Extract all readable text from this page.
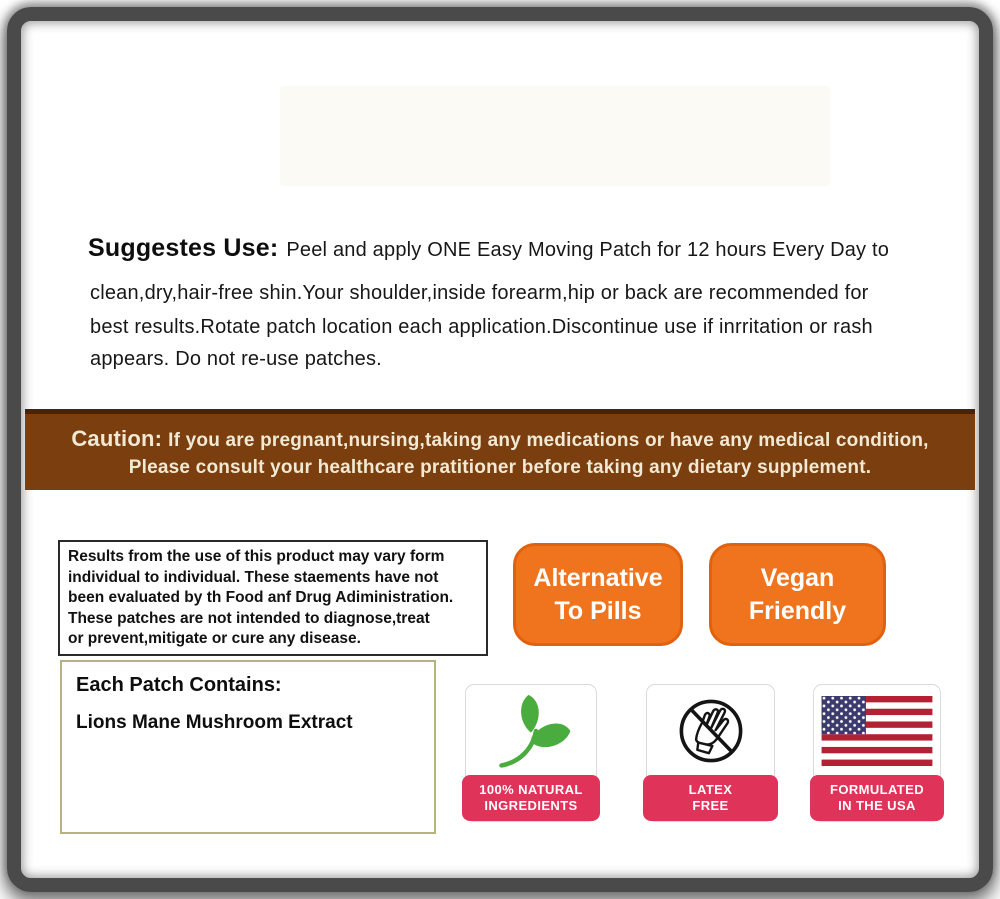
Suggestes Use: Peel and apply ONE Easy Moving Patch for 12 hours Every Day to
clean,dry,hair-free shin.Your shoulder,inside forearm,hip or back are recommended for
best results.Rotate patch location each application.Discontinue use if inrritation or rash
appears. Do not re-use patches.
Caution: If you are pregnant,nursing,taking any medications or have any medical condition,
Please consult your healthcare pratitioner before taking any dietary supplement.
Results from the use of this product may vary form
individual to individual. These staements have not
been evaluated by th Food anf Drug Adiministration.
These patches are not intended to diagnose,treat
or prevent,mitigate or cure any disease.
Alternative
To Pills
Vegan
Friendly
Each Patch Contains:
Lions Mane Mushroom Extract
100% NATURAL
INGREDIENTS
LATEX
FREE
FORMULATED
IN THE USA
